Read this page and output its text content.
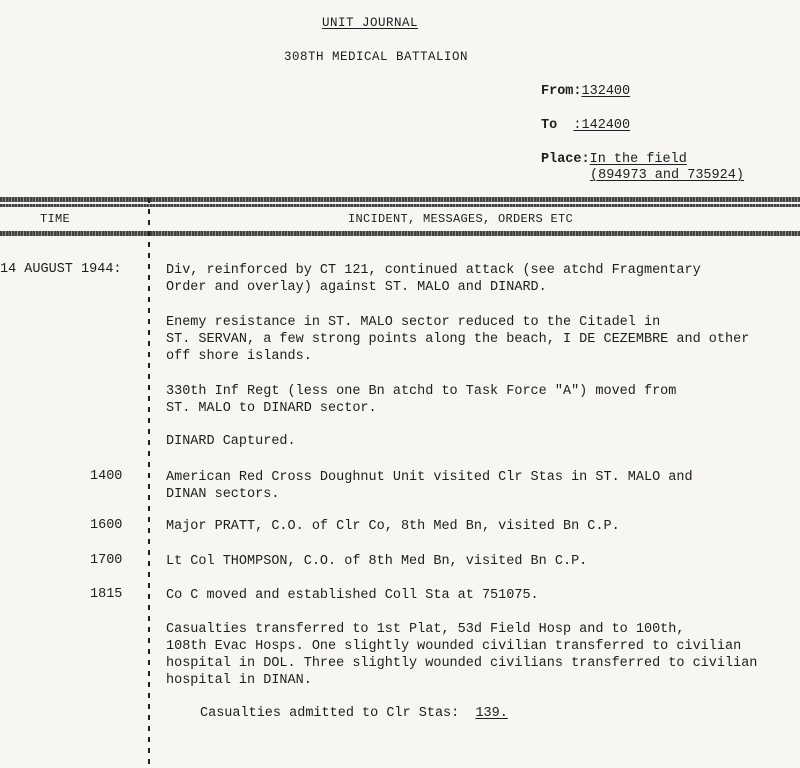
UNIT JOURNAL
308TH MEDICAL BATTALION
From:132400
To :142400
Place:In the field
(894973 and 735924)
TIME	INCIDENT, MESSAGES, ORDERS ETC
14 AUGUST 1944:	Div, reinforced by CT 121, continued attack (see atchd Fragmentary
Order and overlay) against ST. MALO and DINARD.
Enemy resistance in ST. MALO sector reduced to the Citadel in
ST. SERVAN, a few strong points along the beach, I DE CEZEMBRE and other
off shore islands.
330th Inf Regt (less one Bn atchd to Task Force "A") moved from
ST. MALO to DINARD sector.
DINARD Captured.
1400	American Red Cross Doughnut Unit visited Clr Stas in ST. MALO and
DINAN sectors.
1600	Major PRATT, C.O. of Clr Co, 8th Med Bn, visited Bn C.P.
1700	Lt Col THOMPSON, C.O. of 8th Med Bn, visited Bn C.P.
1815	Co C moved and established Coll Sta at 751075.
Casualties transferred to 1st Plat, 53d Field Hosp and to 100th,
108th Evac Hosps. One slightly wounded civilian transferred to civilian
hospital in DOL. Three slightly wounded civilians transferred to civilian
hospital in DINAN.
Casualties admitted to Clr Stas: 139.
